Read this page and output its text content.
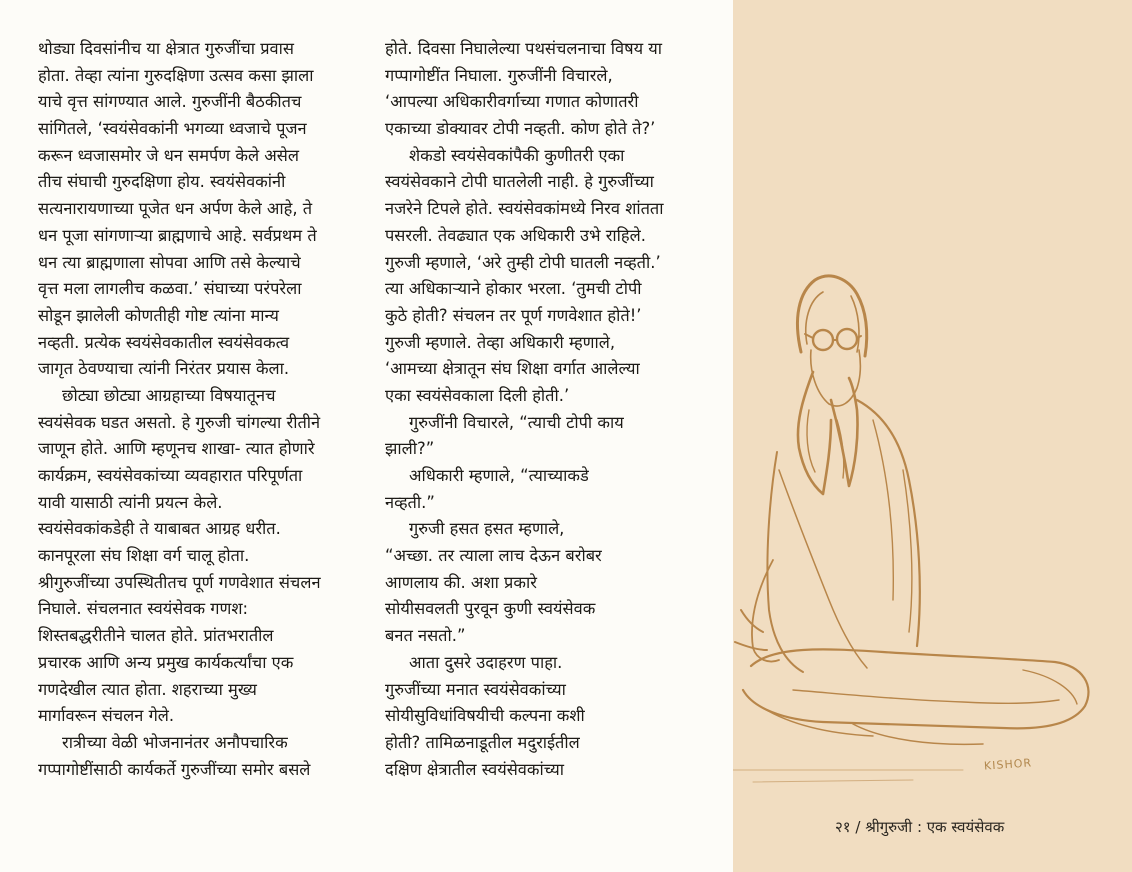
थोड्या दिवसांनीच या क्षेत्रात गुरुजींचा प्रवास
होता. तेव्हा त्यांना गुरुदक्षिणा उत्सव कसा झाला
याचे वृत्त सांगण्यात आले. गुरुजींनी बैठकीतच
सांगितले, ‘स्वयंसेवकांनी भगव्या ध्वजाचे पूजन
करून ध्वजासमोर जे धन समर्पण केले असेल
तीच संघाची गुरुदक्षिणा होय. स्वयंसेवकांनी
सत्यनारायणाच्या पूजेत धन अर्पण केले आहे, ते
धन पूजा सांगणाऱ्या ब्राह्मणाचे आहे. सर्वप्रथम ते
धन त्या ब्राह्मणाला सोपवा आणि तसे केल्याचे
वृत्त मला लागलीच कळवा.’ संघाच्या परंपरेला
सोडून झालेली कोणतीही गोष्ट त्यांना मान्य
नव्हती. प्रत्येक स्वयंसेवकातील स्वयंसेवकत्व
जागृत ठेवण्याचा त्यांनी निरंतर प्रयास केला.
छोट्या छोट्या आग्रहाच्या विषयातूनच
स्वयंसेवक घडत असतो. हे गुरुजी चांगल्या रीतीने
जाणून होते. आणि म्हणूनच शाखा- त्यात होणारे
कार्यक्रम, स्वयंसेवकांच्या व्यवहारात परिपूर्णता
यावी यासाठी त्यांनी प्रयत्न केले.
स्वयंसेवकांकडेही ते याबाबत आग्रह धरीत.
कानपूरला संघ शिक्षा वर्ग चालू होता.
श्रीगुरुजींच्या उपस्थितीतच पूर्ण गणवेशात संचलन
निघाले. संचलनात स्वयंसेवक गणश:
शिस्तबद्धरीतीने चालत होते. प्रांतभरातील
प्रचारक आणि अन्य प्रमुख कार्यकर्त्यांचा एक
गणदेखील त्यात होता. शहराच्या मुख्य
मार्गावरून संचलन गेले.
रात्रीच्या वेळी भोजनानंतर अनौपचारिक
गप्पागोष्टींसाठी कार्यकर्ते गुरुजींच्या समोर बसले
होते. दिवसा निघालेल्या पथसंचलनाचा विषय या
गप्पागोष्टींत निघाला. गुरुजींनी विचारले,
‘आपल्या अधिकारीवर्गाच्या गणात कोणातरी
एकाच्या डोक्यावर टोपी नव्हती. कोण होते ते?’
शेकडो स्वयंसेवकांपैकी कुणीतरी एका
स्वयंसेवकाने टोपी घातलेली नाही. हे गुरुजींच्या
नजरेने टिपले होते. स्वयंसेवकांमध्ये निरव शांतता
पसरली. तेवढ्यात एक अधिकारी उभे राहिले.
गुरुजी म्हणाले, ‘अरे तुम्ही टोपी घातली नव्हती.’
त्या अधिकाऱ्याने होकार भरला. ‘तुमची टोपी
कुठे होती? संचलन तर पूर्ण गणवेशात होते!’
गुरुजी म्हणाले. तेव्हा अधिकारी म्हणाले,
‘आमच्या क्षेत्रातून संघ शिक्षा वर्गात आलेल्या
एका स्वयंसेवकाला दिली होती.’
गुरुजींनी विचारले, “त्याची टोपी काय
झाली?”
अधिकारी म्हणाले, “त्याच्याकडे
नव्हती.”
गुरुजी हसत हसत म्हणाले,
“अच्छा. तर त्याला लाच देऊन बरोबर
आणलाय की. अशा प्रकारे
सोयीसवलती पुरवून कुणी स्वयंसेवक
बनत नसतो.”
आता दुसरे उदाहरण पाहा.
गुरुजींच्या मनात स्वयंसेवकांच्या
सोयीसुविधांविषयीची कल्पना कशी
होती? तामिळनाडूतील मदुराईतील
दक्षिण क्षेत्रातील स्वयंसेवकांच्या	KISHOR
२१ / श्रीगुरुजी : एक स्वयंसेवक
